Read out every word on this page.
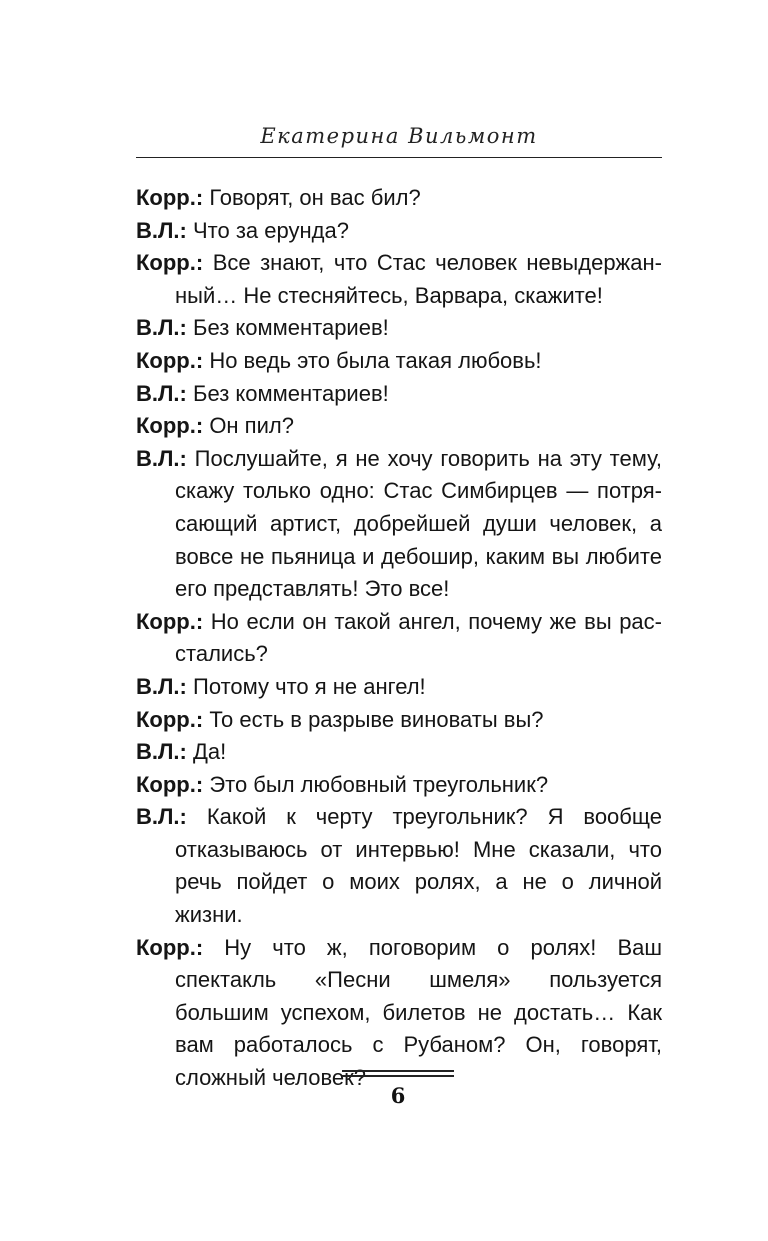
Екатерина Вильмонт

Корр.: Говорят, он вас бил?

В.Л.: Что за ерунда?

Корр.: Все знают, что Стас человек невыдержанный… Не стесняйтесь, Варвара, скажите!

В.Л.: Без комментариев!

Корр.: Но ведь это была такая любовь!

В.Л.: Без комментариев!

Корр.: Он пил?

В.Л.: Послушайте, я не хочу говорить на эту тему, скажу только одно: Стас Симбирцев — потрясающий артист, добрейшей души человек, а вовсе не пьяница и дебошир, каким вы любите его представлять! Это все!

Корр.: Но если он такой ангел, почему же вы расстались?

В.Л.: Потому что я не ангел!

Корр.: То есть в разрыве виноваты вы?

В.Л.: Да!

Корр.: Это был любовный треугольник?

В.Л.: Какой к черту треугольник? Я вообще отказываюсь от интервью! Мне сказали, что речь пойдет о моих ролях, а не о личной жизни.

Корр.: Ну что ж, поговорим о ролях! Ваш спектакль «Песни шмеля» пользуется большим успехом, билетов не достать… Как вам работалось с Рубаном? Он, говорят, сложный человек?

6
